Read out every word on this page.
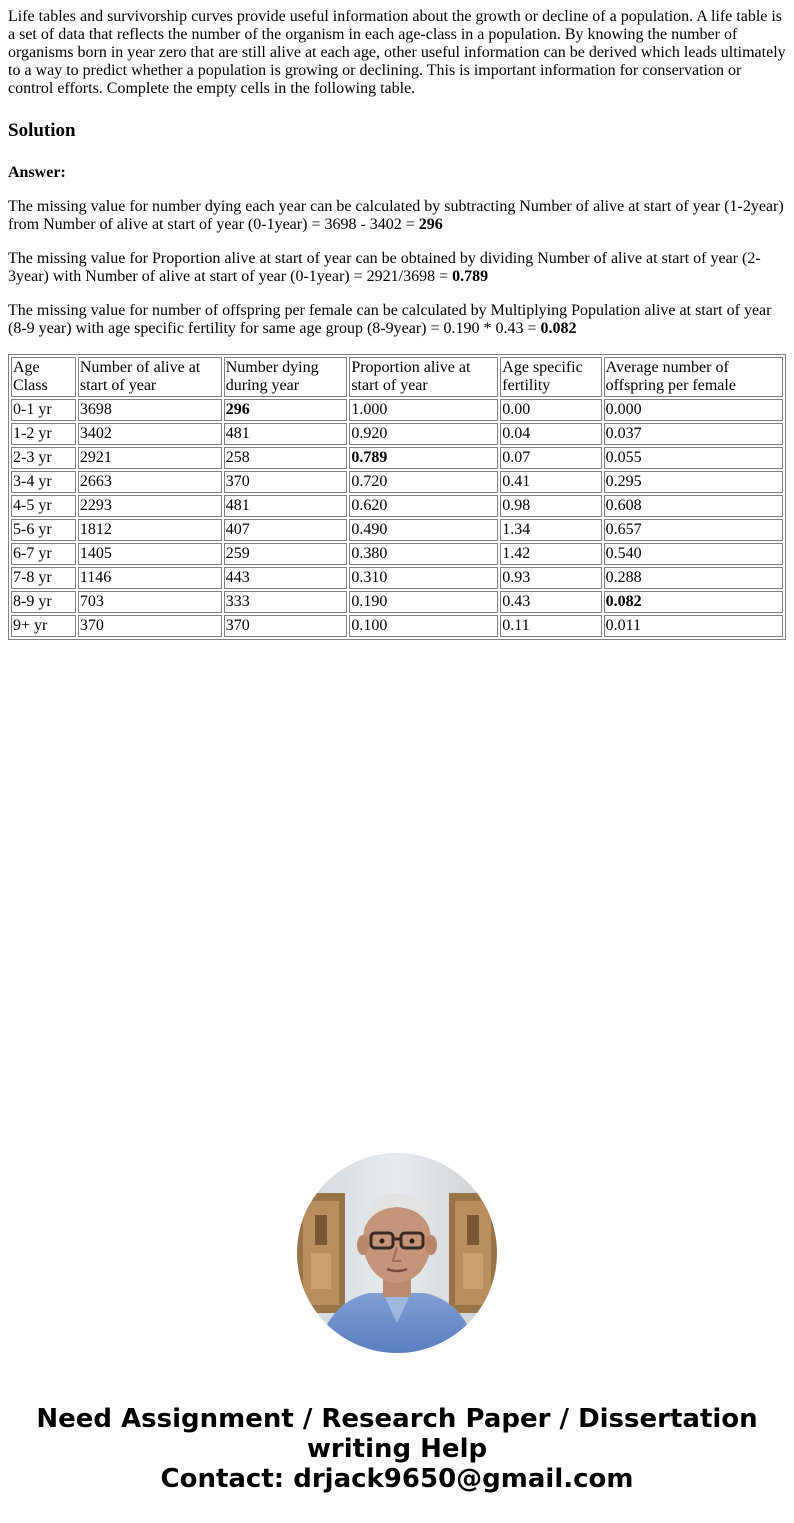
Life tables and survivorship curves provide useful information about the growth or decline of a population. A life table is a set of data that reflects the number of the organism in each age-class in a population. By knowing the number of organisms born in year zero that are still alive at each age, other useful information can be derived which leads ultimately to a way to predict whether a population is growing or declining. This is important information for conservation or control efforts. Complete the empty cells in the following table.

Solution
Answer:

The missing value for number dying each year can be calculated by subtracting Number of alive at start of year (1-2year) from Number of alive at start of year (0-1year) = 3698 - 3402 = 296

The missing value for Proportion alive at start of year can be obtained by dividing Number of alive at start of year (2-3year) with Number of alive at start of year (0-1year) = 2921/3698 = 0.789

The missing value for number of offspring per female can be calculated by Multiplying Population alive at start of year (8-9 year) with age specific fertility for same age group (8-9year) = 0.190 * 0.43 = 0.082

Age Class	Number of alive at start of year	Number dying during year	Proportion alive at start of year	Age specific fertility	Average number of offspring per female
0-1 yr	3698	296	1.000	0.00	0.000
1-2 yr	3402	481	0.920	0.04	0.037
2-3 yr	2921	258	0.789	0.07	0.055
3-4 yr	2663	370	0.720	0.41	0.295
4-5 yr	2293	481	0.620	0.98	0.608
5-6 yr	1812	407	0.490	1.34	0.657
6-7 yr	1405	259	0.380	1.42	0.540
7-8 yr	1146	443	0.310	0.93	0.288
8-9 yr	703	333	0.190	0.43	0.082
9+ yr	370	370	0.100	0.11	0.011
Need Assignment / Research Paper / Dissertation
writing Help
Contact: drjack9650@gmail.com
